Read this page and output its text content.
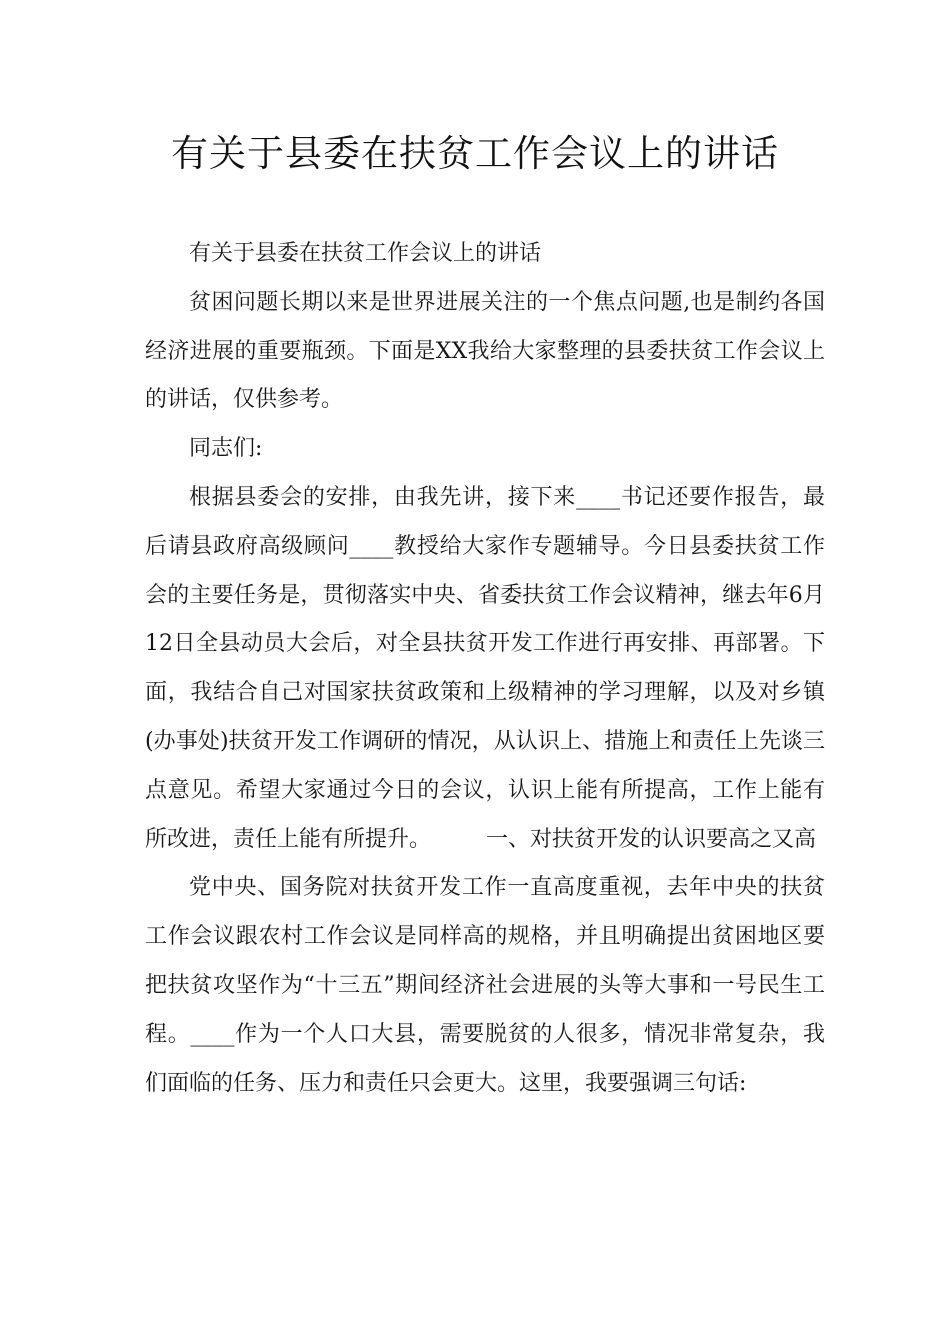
有关于县委在扶贫工作会议上的讲话

有关于县委在扶贫工作会议上的讲话

贫困问题长期以来是世界进展关注的一个焦点问题,也是制约各国经济进展的重要瓶颈。下面是XX我给大家整理的县委扶贫工作会议上的讲话，仅供参考。

同志们:

根据县委会的安排，由我先讲，接下来____书记还要作报告，最后请县政府高级顾问____教授给大家作专题辅导。今日县委扶贫工作会的主要任务是，贯彻落实中央、省委扶贫工作会议精神，继去年6月12日全县动员大会后，对全县扶贫开发工作进行再安排、再部署。下面，我结合自己对国家扶贫政策和上级精神的学习理解，以及对乡镇(办事处)扶贫开发工作调研的情况，从认识上、措施上和责任上先谈三点意见。希望大家通过今日的会议，认识上能有所提高，工作上能有所改进，责任上能有所提升。　　　一、对扶贫开发的认识要高之又高

党中央、国务院对扶贫开发工作一直高度重视，去年中央的扶贫工作会议跟农村工作会议是同样高的规格，并且明确提出贫困地区要把扶贫攻坚作为“十三五”期间经济社会进展的头等大事和一号民生工程。____作为一个人口大县，需要脱贫的人很多，情况非常复杂，我们面临的任务、压力和责任只会更大。这里，我要强调三句话:
